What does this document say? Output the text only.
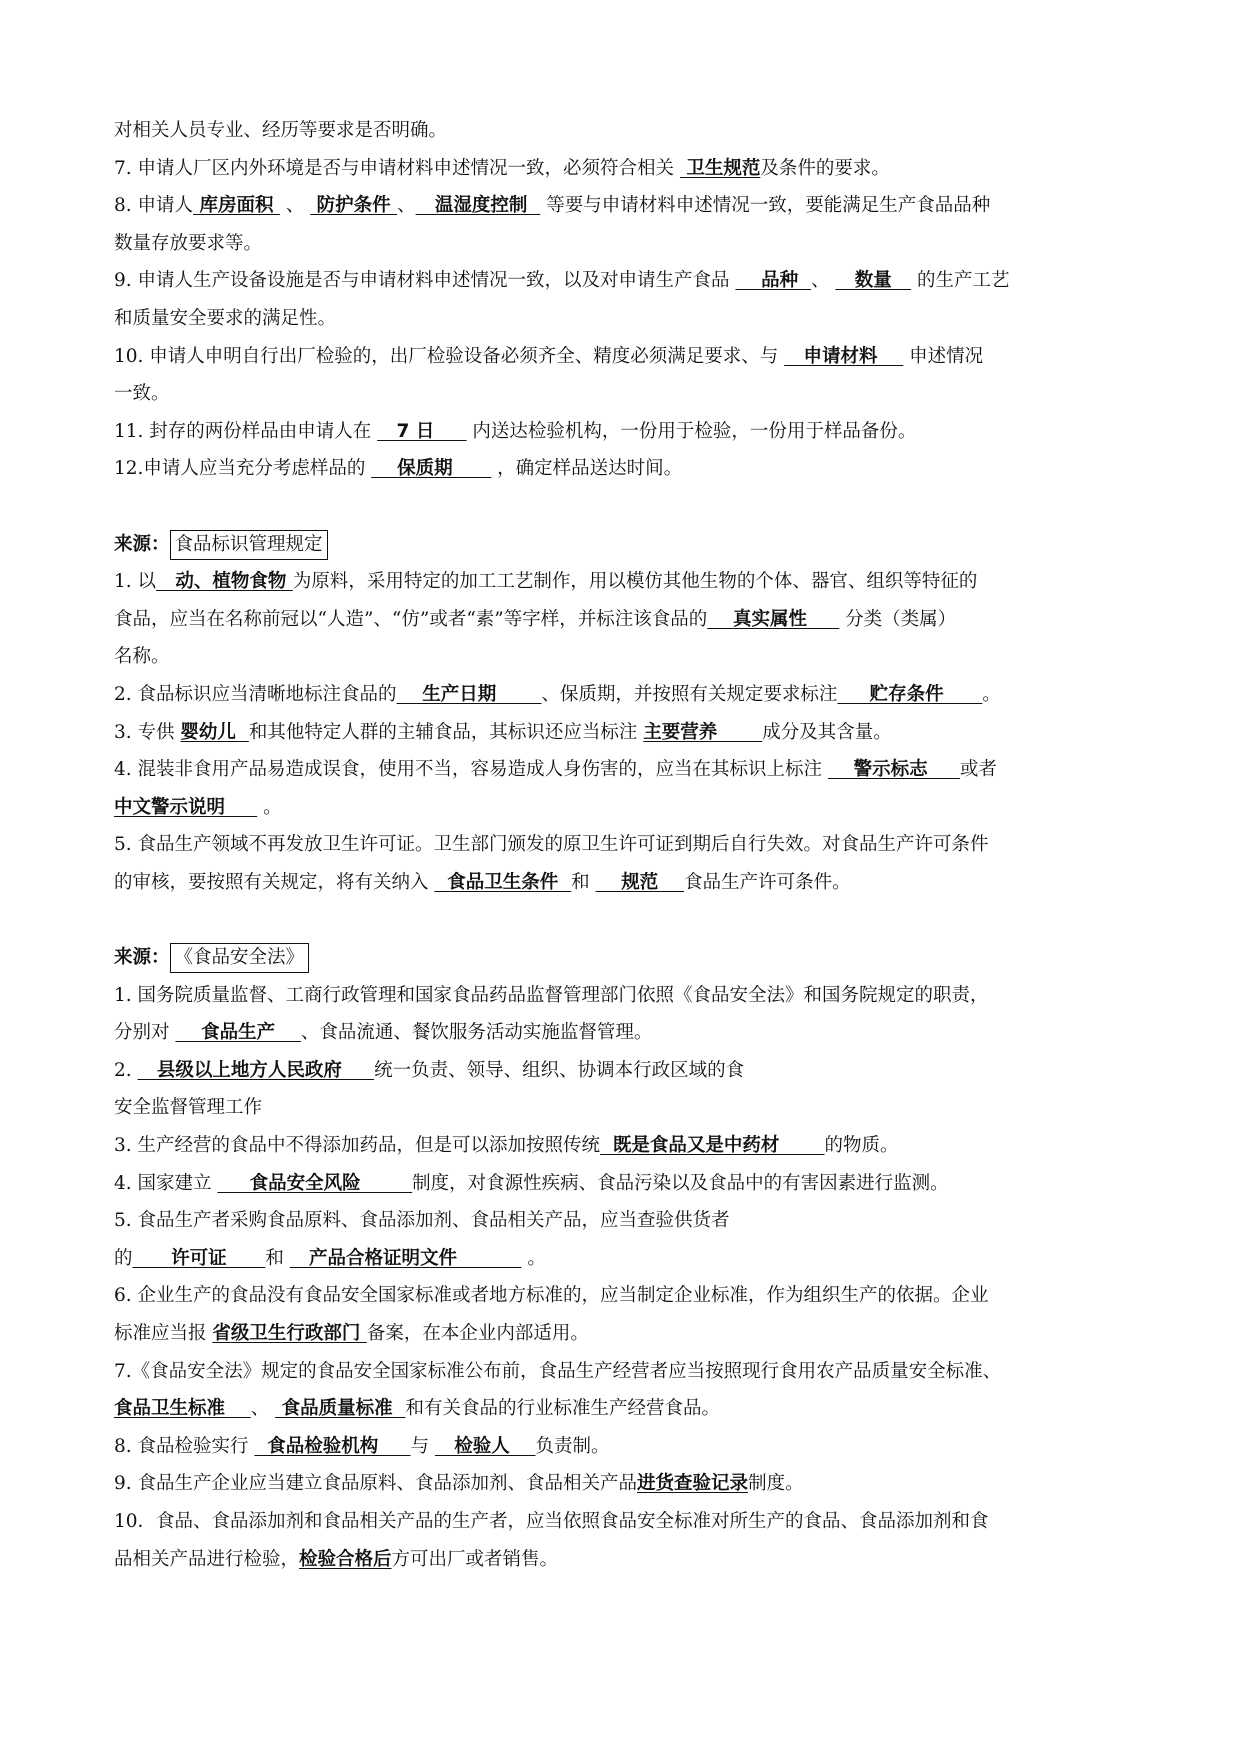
对相关人员专业、经历等要求是否明确。
7. 申请人厂区内外环境是否与申请材料申述情况一致，必须符合相关  卫生规范及条件的要求。
8. 申请人 库房面积  、  防护条件 、   温湿度控制   等要与申请材料申述情况一致，要能满足生产食品品种
数量存放要求等。
9. 申请人生产设备设施是否与申请材料申述情况一致，以及对申请生产食品     品种  、    数量    的生产工艺
和质量安全要求的满足性。
10. 申请人申明自行出厂检验的，出厂检验设备必须齐全、精度必须满足要求、与    申请材料     申述情况
一致。
11. 封存的两份样品由申请人在    7 日      内送达检验机构，一份用于检验，一份用于样品备份。
12.申请人应当充分考虑样品的     保质期       ，确定样品送达时间。
来源： 食品标识管理规定
1. 以   动、植物食物 为原料，采用特定的加工工艺制作，用以模仿其他生物的个体、器官、组织等特征的
食品，应当在名称前冠以“人造”、“仿”或者“素”等字样，并标注该食品的    真实属性      分类（类属）
名称。
2. 食品标识应当清晰地标注食品的    生产日期       、保质期，并按照有关规定要求标注     贮存条件      。
3. 专供 婴幼儿  和其他特定人群的主辅食品，其标识还应当标注 主要营养       成分及其含量。
4. 混装非食用产品易造成误食，使用不当，容易造成人身伤害的，应当在其标识上标注     警示标志     或者
中文警示说明      。
5. 食品生产领域不再发放卫生许可证。卫生部门颁发的原卫生许可证到期后自行失效。对食品生产许可条件
的审核，要按照有关规定，将有关纳入   食品卫生条件  和     规范    食品生产许可条件。
来源： 《食品安全法》
1. 国务院质量监督、工商行政管理和国家食品药品监督管理部门依照《食品安全法》和国务院规定的职责，
分别对     食品生产    、食品流通、餐饮服务活动实施监督管理。
2.    县级以上地方人民政府     统一负责、领导、组织、协调本行政区域的食
安全监督管理工作
3. 生产经营的食品中不得添加药品，但是可以添加按照传统  既是食品又是中药材       的物质。
4. 国家建立      食品安全风险        制度，对食源性疾病、食品污染以及食品中的有害因素进行监测。
5. 食品生产者采购食品原料、食品添加剂、食品相关产品，应当查验供货者
的      许可证      和    产品合格证明文件           。
6. 企业生产的食品没有食品安全国家标准或者地方标准的，应当制定企业标准，作为组织生产的依据。企业
标准应当报 省级卫生行政部门 备案，在本企业内部适用。
7.《食品安全法》规定的食品安全国家标准公布前，食品生产经营者应当按照现行食用农产品质量安全标准、
食品卫生标准    、  食品质量标准  和有关食品的行业标准生产经营食品。
8. 食品检验实行   食品检验机构     与    检验人    负责制。
9. 食品生产企业应当建立食品原料、食品添加剂、食品相关产品进货查验记录制度。
10．食品、食品添加剂和食品相关产品的生产者，应当依照食品安全标准对所生产的食品、食品添加剂和食
品相关产品进行检验，检验合格后方可出厂或者销售。
